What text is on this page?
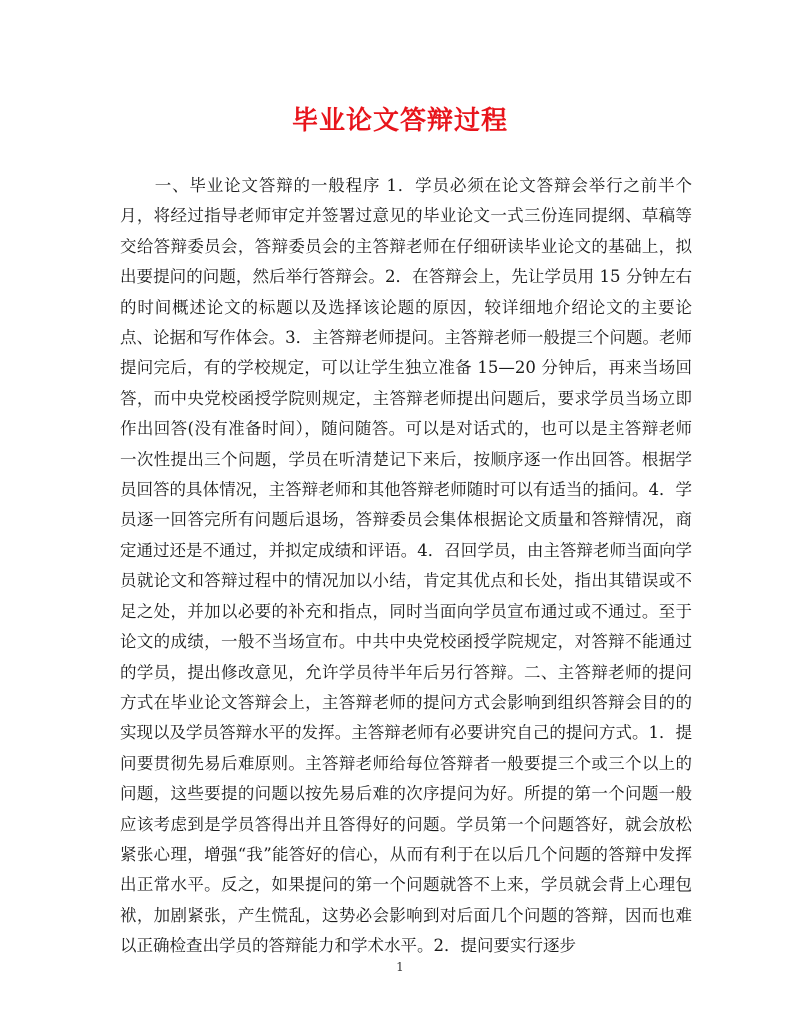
毕业论文答辩过程

　　一、毕业论文答辩的一般程序 1．学员必须在论文答辩会举行之前半个月，将经过指导老师审定并签署过意见的毕业论文一式三份连同提纲、草稿等交给答辩委员会，答辩委员会的主答辩老师在仔细研读毕业论文的基础上，拟出要提问的问题，然后举行答辩会。2．在答辩会上，先让学员用 15 分钟左右的时间概述论文的标题以及选择该论题的原因，较详细地介绍论文的主要论点、论据和写作体会。3．主答辩老师提问。主答辩老师一般提三个问题。老师提问完后，有的学校规定，可以让学生独立准备 15—20 分钟后，再来当场回答，而中央党校函授学院则规定，主答辩老师提出问题后，要求学员当场立即作出回答(没有准备时间），随问随答。可以是对话式的，也可以是主答辩老师一次性提出三个问题，学员在听清楚记下来后，按顺序逐一作出回答。根据学员回答的具体情况，主答辩老师和其他答辩老师随时可以有适当的插问。4．学员逐一回答完所有问题后退场，答辩委员会集体根据论文质量和答辩情况，商定通过还是不通过，并拟定成绩和评语。4．召回学员，由主答辩老师当面向学员就论文和答辩过程中的情况加以小结，肯定其优点和长处，指出其错误或不足之处，并加以必要的补充和指点，同时当面向学员宣布通过或不通过。至于论文的成绩，一般不当场宣布。中共中央党校函授学院规定，对答辩不能通过的学员，提出修改意见，允许学员待半年后另行答辩。二、主答辩老师的提问方式在毕业论文答辩会上，主答辩老师的提问方式会影响到组织答辩会目的的实现以及学员答辩水平的发挥。主答辩老师有必要讲究自己的提问方式。1．提问要贯彻先易后难原则。主答辩老师给每位答辩者一般要提三个或三个以上的问题，这些要提的问题以按先易后难的次序提问为好。所提的第一个问题一般应该考虑到是学员答得出并且答得好的问题。学员第一个问题答好，就会放松紧张心理，增强“我”能答好的信心，从而有利于在以后几个问题的答辩中发挥出正常水平。反之，如果提问的第一个问题就答不上来，学员就会背上心理包袱，加剧紧张，产生慌乱，这势必会影响到对后面几个问题的答辩，因而也难以正确检查出学员的答辩能力和学术水平。2．提问要实行逐步

1
